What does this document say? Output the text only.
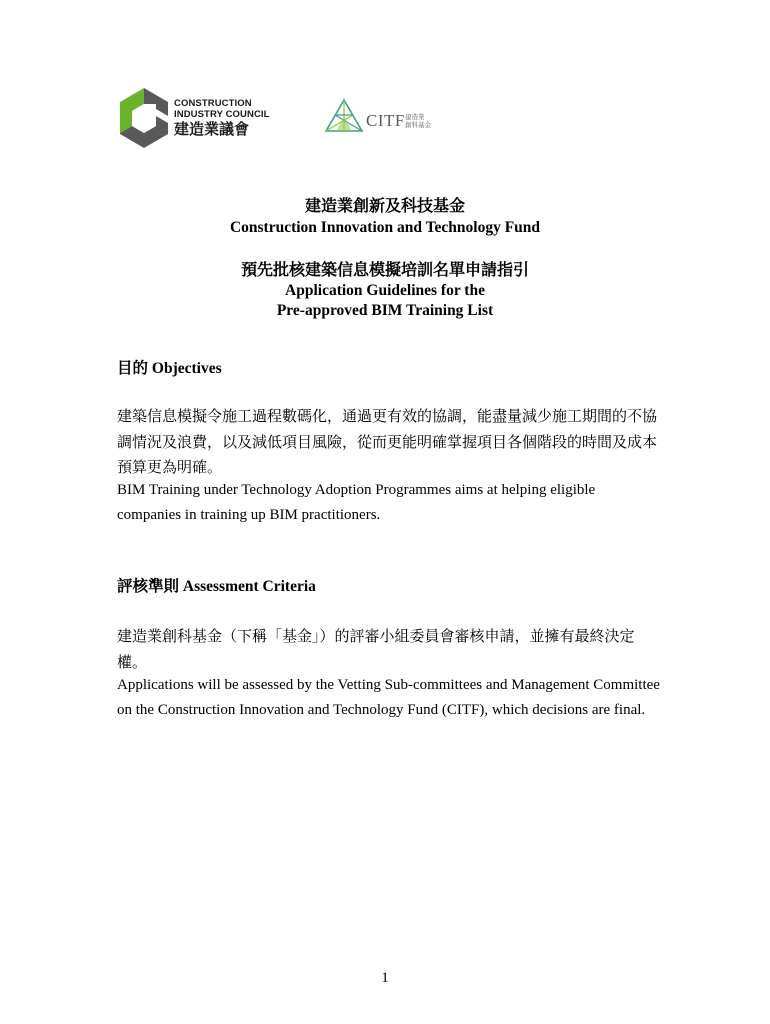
CONSTRUCTION
INDUSTRY COUNCIL
建造業議會	CITF 建造業
創科基金
建造業創新及科技基金
Construction Innovation and Technology Fund
預先批核建築信息模擬培訓名單申請指引
Application Guidelines for the
Pre-approved BIM Training List
目的 Objectives
建築信息模擬令施工過程數碼化，通過更有效的協調，能盡量減少施工期間的不協調情況及浪費，以及減低項目風險，從而更能明確掌握項目各個階段的時間及成本預算更為明確。
BIM Training under Technology Adoption Programmes aims at helping eligible companies in training up BIM practitioners.
評核準則 Assessment Criteria
建造業創科基金（下稱「基金」）的評審小組委員會審核申請，並擁有最終決定權。
Applications will be assessed by the Vetting Sub-committees and Management Committee on the Construction Innovation and Technology Fund (CITF), which decisions are final.
1
